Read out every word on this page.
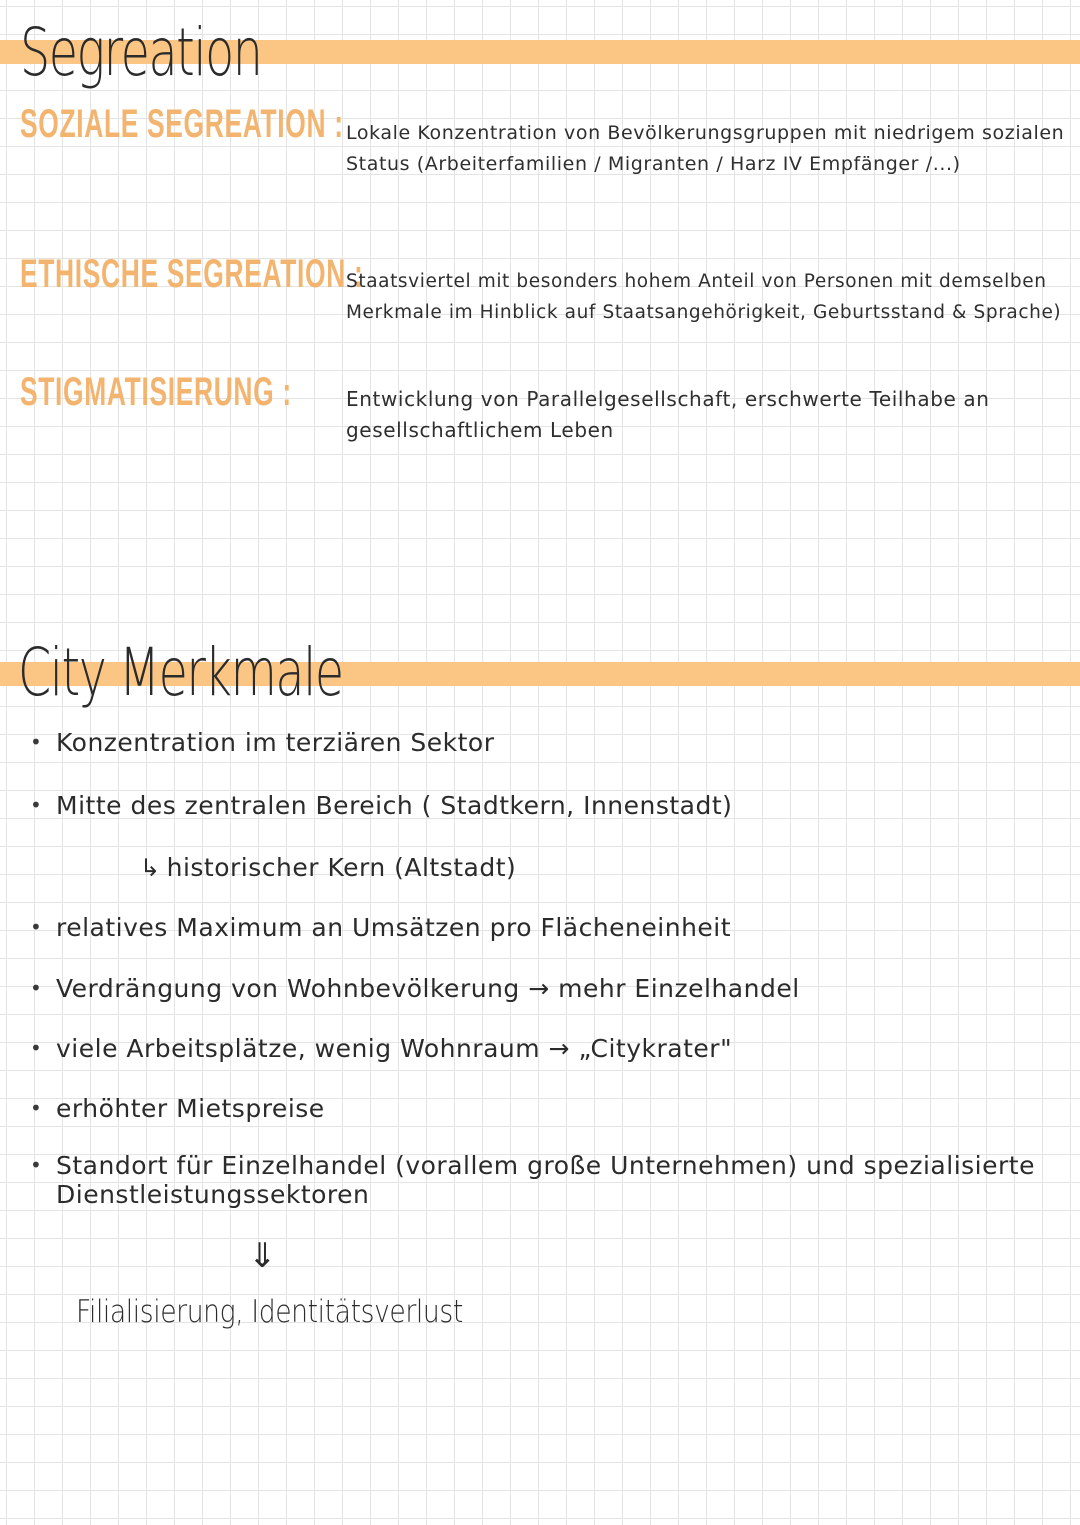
Segreation
SOZIALE SEGREATION : Lokale Konzentration von Bevölkerungsgruppen mit niedrigem sozialen Status (Arbeiterfamilien / Migranten / Harz IV Empfänger /...)
ETHISCHE SEGREATION :
Staatsviertel mit besonders hohem Anteil von Personen mit demselben Merkmale im Hinblick auf Staatsangehörigkeit, Geburtsstand & Sprache)
STIGMATISIERUNG :	Entwicklung von Parallelgesellschaft, erschwerte Teilhabe an gesellschaftlichem Leben
City Merkmale
• Konzentration im terziären Sektor
• Mitte des zentralen Bereich ( Stadtkern, Innenstadt)
• relatives Maximum an Umsätzen pro Flächeneinheit
• Verdrängung von Wohnbevölkerung → mehr Einzelhandel
• viele Arbeitsplätze, wenig Wohnraum → „Citykrater"
• erhöhter Mietspreise
• Standort für Einzelhandel (vorallem große Unternehmen) und spezialisierte Dienstleistungssektoren
↳ historischer Kern (Altstadt)
⇓
Filialisierung, Identitätsverlust
